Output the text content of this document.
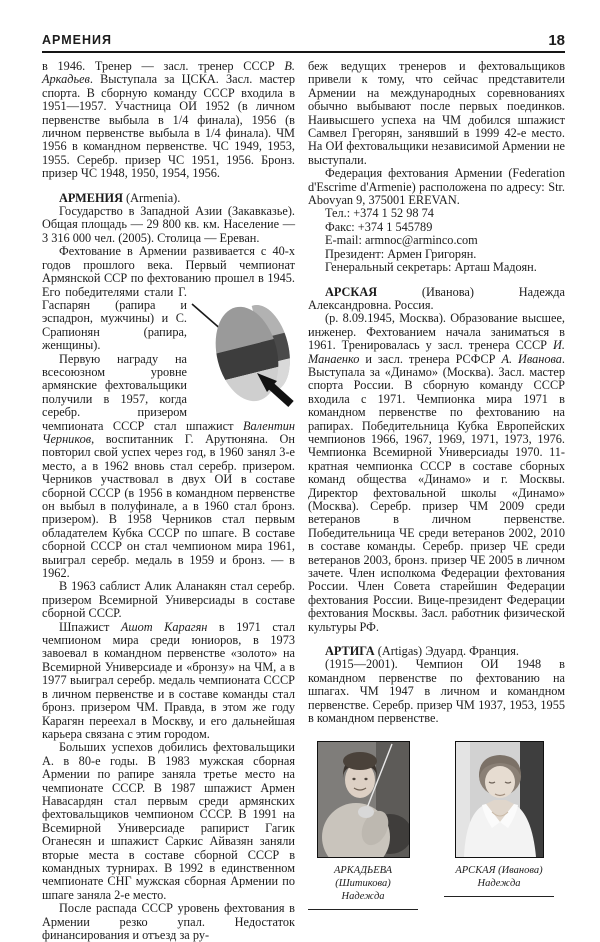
АРМЕНИЯ	18

в 1946. Тренер — засл. тренер СССР В. Аркадьев. Выступала за ЦСКА. Засл. мастер спорта. В сборную команду СССР входила в 1951—1957. Участница ОИ 1952 (в личном первенстве выбыла в 1/4 финала), 1956 (в личном первенстве выбыла в 1/4 финала). ЧМ 1956 в командном первенстве. ЧС 1949, 1953, 1955. Серебр. призер ЧС 1951, 1956. Бронз. призер ЧС 1948, 1950, 1954, 1956.

АРМЕНИЯ (Armenia).

Государство в Западной Азии (Закавказье). Общая площадь — 29 800 кв. км. Население — 3 316 000 чел. (2005). Столица — Ереван.

Фехтование в Армении развивается с 40-х годов прошлого века. Первый чемпионат Армянской ССР по фехтованию прошел в 1945.
Его победителями стали Г. Гаспарян (рапира и эспадрон, мужчины) и С. Срапионян (рапира, женщины).

Первую награду на всесоюзном уровне армянские фехтовальщики получили в 1957, когда серебр. призером чемпионата СССР стал шпажист Валентин Черников, воспитанник Г. Арутюняна. Он повторил свой успех через год, в 1960 занял 3-е место, а в 1962 вновь стал серебр. призером. Черников участвовал в двух ОИ в составе сборной СССР (в 1956 в командном первенстве он выбыл в полуфинале, а в 1960 стал бронз. призером). В 1958 Черников стал первым обладателем Кубка СССР по шпаге. В составе сборной СССР он стал чемпионом мира 1961, выиграл серебр. медаль в 1959 и бронз. — в 1962.

В 1963 саблист Алик Аланакян стал серебр. призером Всемирной Универсиады в составе сборной СССР.

Шпажист Ашот Карагян в 1971 стал чемпионом мира среди юниоров, в 1973 завоевал в командном первенстве «золото» на Всемирной Универсиаде и «бронзу» на ЧМ, а в 1977 выиграл серебр. медаль чемпионата СССР в личном первенстве и в составе команды стал бронз. призером ЧМ. Правда, в этом же году Карагян переехал в Москву, и его дальнейшая карьера связана с этим городом.

Больших успехов добились фехтовальщики А. в 80-е годы. В 1983 мужская сборная Армении по рапире заняла третье место на чемпионате СССР. В 1987 шпажист Армен Навасардян стал первым среди армянских фехтовальщиков чемпионом СССР. В 1991 на Всемирной Универсиаде рапирист Гагик Оганесян и шпажист Саркис Айвазян заняли вторые места в составе сборной СССР в командных турнирах. В 1992 в единственном чемпионате СНГ мужская сборная Армении по шпаге заняла 2-е место.

После распада СССР уровень фехтования в Армении резко упал. Недостаток финансирования и отъезд за ру-

беж ведущих тренеров и фехтовальщиков привели к тому, что сейчас представители Армении на международных соревнованиях обычно выбывают после первых поединков. Наивысшего успеха на ЧМ добился шпажист Самвел Грегорян, занявший в 1999 42-е место. На ОИ фехтовальщики независимой Армении не выступали.

Федерация фехтования Армении (Federation d'Escrime d'Armenie) расположена по адресу: Str. Abovyan 9, 375001 EREVAN.

Тел.: +374 1 52 98 74
Факс: +374 1 545789
E-mail: armnoc@arminco.com
Президент: Армен Григорян.
Генеральный секретарь: Арташ Мадоян.

АРСКАЯ (Иванова) Надежда Александровна. Россия.

(р. 8.09.1945, Москва). Образование высшее, инженер. Фехтованием начала заниматься в 1961. Тренировалась у засл. тренера СССР И. Манаенко и засл. тренера РСФСР А. Иванова. Выступала за «Динамо» (Москва). Засл. мастер спорта России. В сборную команду СССР входила с 1971. Чемпионка мира 1971 в командном первенстве по фехтованию на рапирах. Победительница Кубка Европейских чемпионов 1966, 1967, 1969, 1971, 1973, 1976. Чемпионка Всемирной Универсиады 1970. 11-кратная чемпионка СССР в составе сборных команд общества «Динамо» и г. Москвы. Директор фехтовальной школы «Динамо» (Москва). Серебр. призер ЧМ 2009 среди ветеранов в личном первенстве. Победительница ЧЕ среди ветеранов 2002, 2010 в составе команды. Серебр. призер ЧЕ среди ветеранов 2003, бронз. призер ЧЕ 2005 в личном зачете. Член исполкома Федерации фехтования России. Член Совета старейшин Федерации фехтования России. Вице-президент Федерации фехтования Москвы. Засл. работник физической культуры РФ.

АРТИГА (Artigas) Эдуард. Франция.

(1915—2001). Чемпион ОИ 1948 в командном первенстве по фехтованию на шпагах. ЧМ 1947 в личном и командном первенстве. Серебр. призер ЧМ 1937, 1953, 1955 в командном первенстве.

АРКАДЬЕВА (Шитикова)
Надежда
АРСКАЯ (Иванова)
Надежда
